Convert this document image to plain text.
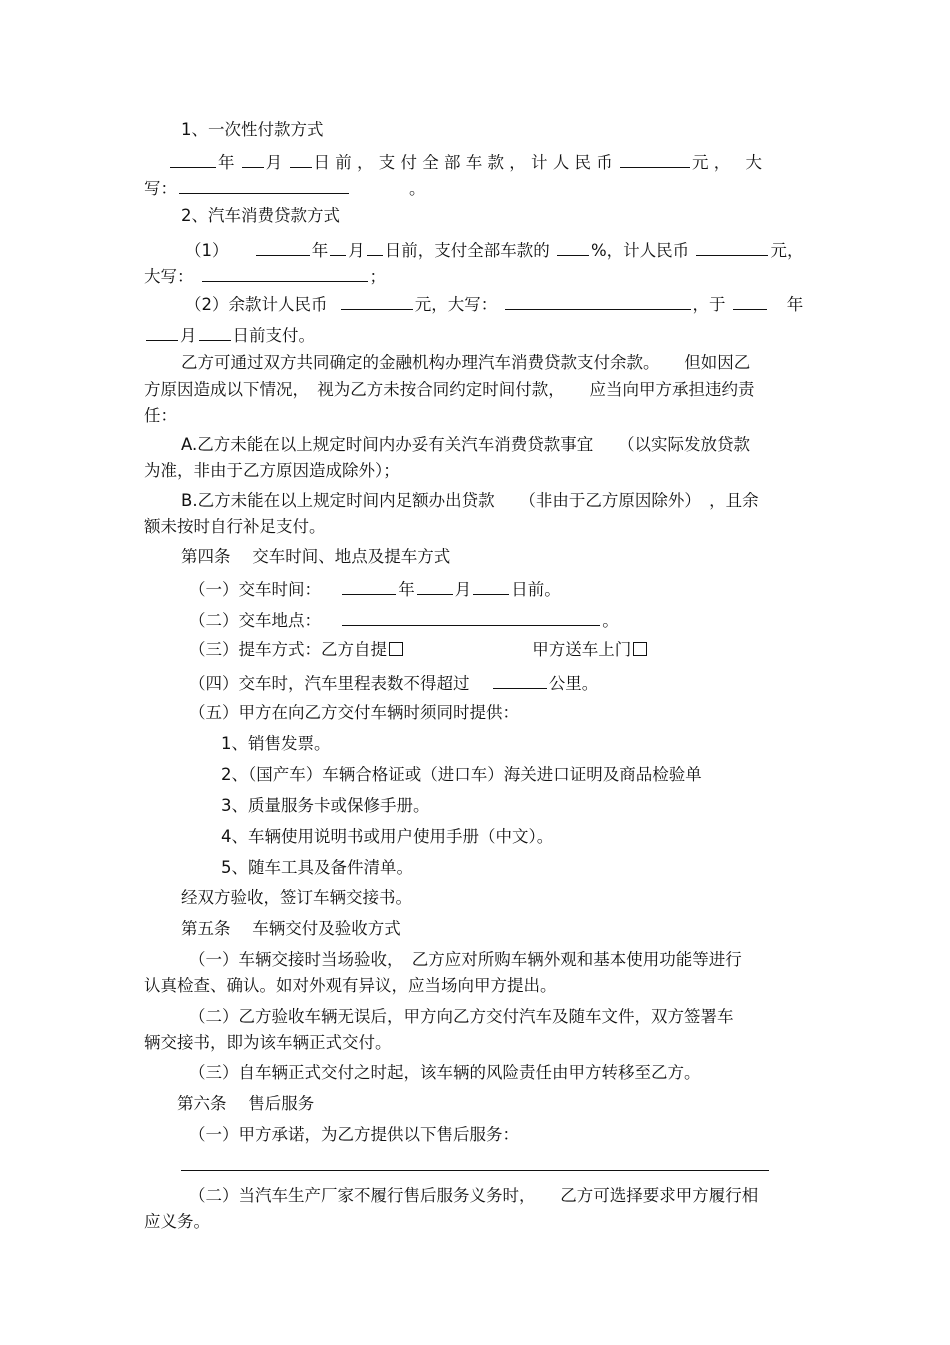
1、一次性付款方式
年 月 日 前 ， 支 付 全 部 车 款 ， 计 人 民 币	元 ， 大
写：	。
2、汽车消费贷款方式
（1）	年 月 日前，支付全部车款的	%，计人民币	元，
大写：	；
（2）余款计人民币	元，大写：	，于	年
月 日前支付。
乙方可通过双方共同确定的金融机构办理汽车消费贷款支付余款。　　但如因乙
方原因造成以下情况，　视为乙方未按合同约定时间付款，　　应当向甲方承担违约责
任：
A.乙方未能在以上规定时间内办妥有关汽车消费贷款事宜　　（以实际发放贷款
为准，非由于乙方原因造成除外）；
B.乙方未能在以上规定时间内足额办出贷款　　（非由于乙方原因除外）　，且余
额未按时自行补足支付。
第四条　 交车时间、地点及提车方式
（一）交车时间：	年 月 日前。
（二）交车地点：	。
（三）提车方式：乙方自提	甲方送车上门
（四）交车时，汽车里程表数不得超过	公里。
（五）甲方在向乙方交付车辆时须同时提供：
1、销售发票。
2、（国产车）车辆合格证或（进口车）海关进口证明及商品检验单
3、质量服务卡或保修手册。
4、车辆使用说明书或用户使用手册（中文）。
5、随车工具及备件清单。
经双方验收，签订车辆交接书。
第五条　 车辆交付及验收方式
（一）车辆交接时当场验收，　乙方应对所购车辆外观和基本使用功能等进行
认真检查、确认。如对外观有异议，应当场向甲方提出。
（二）乙方验收车辆无误后，甲方向乙方交付汽车及随车文件，双方签署车
辆交接书，即为该车辆正式交付。
（三）自车辆正式交付之时起，该车辆的风险责任由甲方转移至乙方。
第六条　 售后服务
（一）甲方承诺，为乙方提供以下售后服务：
（二）当汽车生产厂家不履行售后服务义务时，　　乙方可选择要求甲方履行相
应义务。
